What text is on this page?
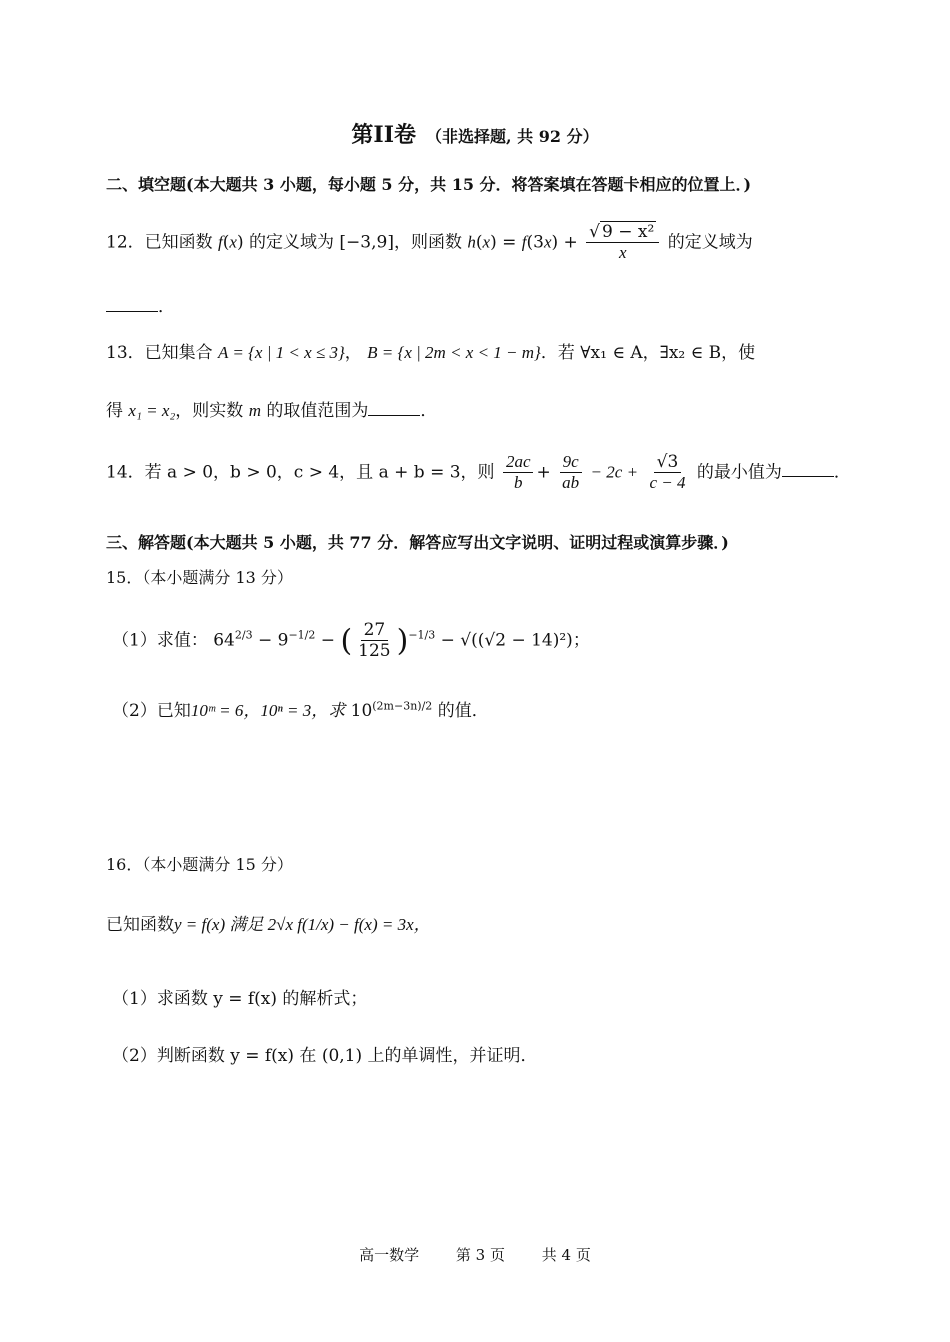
第II卷 （非选择题, 共 92 分）
二、填空题(本大题共 3 小题，每小题 5 分，共 15 分．将答案填在答题卡相应的位置上．)
12．已知函数 f(x) 的定义域为 [−3,9]，则函数 $h(x) = f(3x) + \frac{\text{√ 9 − x²}}{x}$ 的定义域为
．
13．已知集合 A = {x | 1 < x ≤ 3}， B = {x | 2m < x < 1 − m}．若 ∀x₁ ∈ A，∃x₂ ∈ B，使
得 x₁ = x₂，则实数 m 的取值范围为	．
14．若 a > 0，b > 0，c > 4，且 a + b = 3，则 $\frac{2ac}{b} + \frac{9c}{ab} - 2c + \frac{√3}{c - 4}$ 的最小值为	．
三、解答题(本大题共 5 小题，共 77 分．解答应写出文字说明、证明过程或演算步骤．)
15．（本小题满分 13 分）
（1）求值： $64^{2/3} - 9^{-1/2}$ − ( $\frac{27}{125} )^{-1/3} - √((√2 - 14)^2)$；
（2）已知10ᵐ = 6，10ⁿ = 3，求 $10^{(2m-3n)/2}$ 的值．
16．（本小题满分 15 分）
已知函数y = f(x) 满足 2√x f(1/x) − f(x) = 3x，
（1）求函数 y = f(x) 的解析式；
（2）判断函数 y = f(x) 在 (0,1) 上的单调性，并证明．
高一数学 第 3 页 共 4 页
